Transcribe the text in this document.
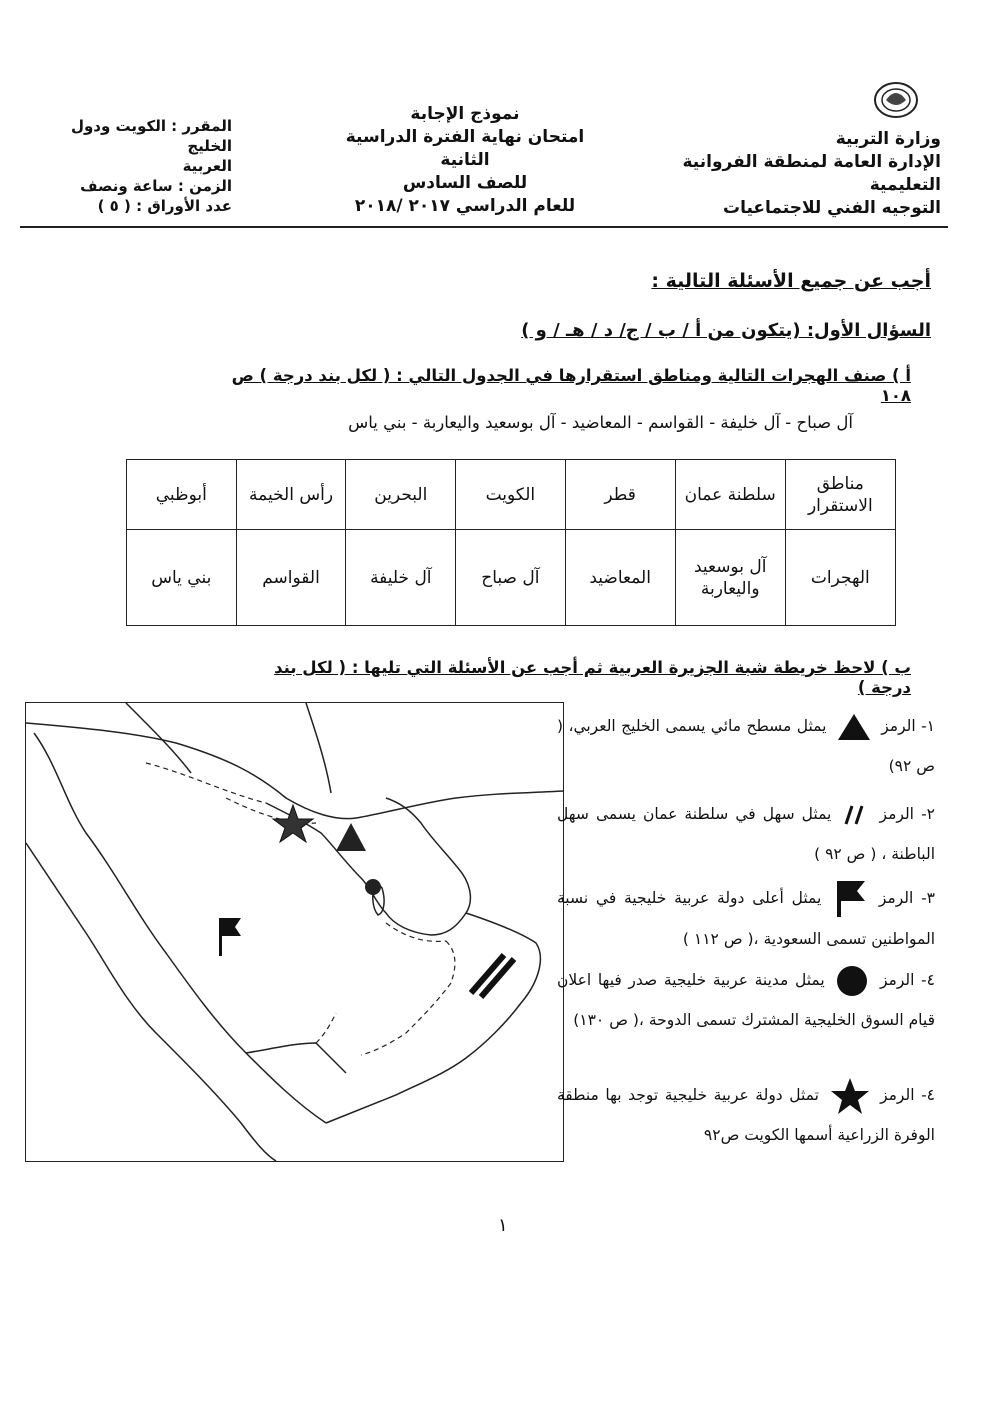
وزارة التربية
الإدارة العامة لمنطقة الفروانية التعليمية
التوجيه الفني للاجتماعيات
نموذج الإجابة
امتحان نهاية الفترة الدراسية الثانية
للصف السادس
للعام الدراسي ٢٠١٧ /٢٠١٨
المقرر : الكويت ودول الخليج
العربية
الزمن : ساعة ونصف
عدد الأوراق : ( ٥ )
أجب عن جميع الأسئلة التالية :
السؤال الأول: (يتكون من أ / ب / ج/ د / هـ / و )
أ ) صنف الهجرات التالية ومناطق استقرارها في الجدول التالي : ( لكل بند درجة ) ص ١٠٨
آل صباح - آل خليفة - القواسم - المعاضيد - آل بوسعيد واليعاربة - بني ياس
مناطق الاستقرار	سلطنة عمان	قطر	الكويت	البحرين	رأس الخيمة	أبوظبي
الهجرات	آل بوسعيد واليعاربة	المعاضيد	آل صباح	آل خليفة	القواسم	بني ياس
ب ) لاحظ خريطة شبة الجزيرة العربية ثم أجب عن الأسئلة التي تليها : ( لكل بند درجة )
١- الرمز  يمثل مسطح مائي يسمى الخليج العربي، ( ص ٩٢)
٢- الرمز  يمثل سهل في سلطنة عمان يسمى سهل الباطنة ، ( ص ٩٢ )
٣- الرمز  يمثل أعلى دولة عربية خليجية في نسبة المواطنين تسمى السعودية ،( ص ١١٢ )
٤- الرمز  يمثل مدينة عربية خليجية صدر فيها اعلان قيام السوق الخليجية المشترك تسمى الدوحة ،( ص ١٣٠)
٤- الرمز  تمثل دولة عربية خليجية توجد بها منطقة الوفرة الزراعية أسمها الكويت ص٩٢
١
